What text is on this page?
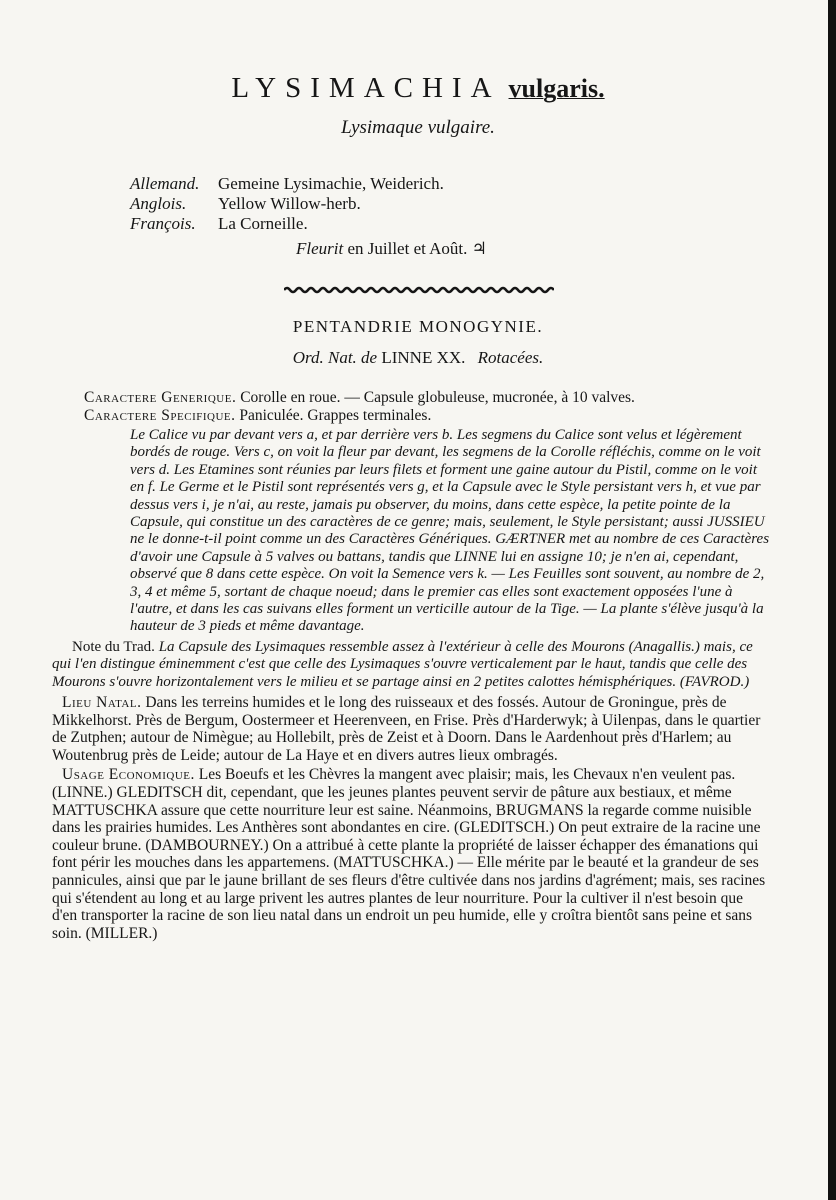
LYSIMACHIA vulgaris.
Lysimaque vulgaire.
Allemand. Gemeine Lysimachie, Weiderich.
Anglois. Yellow Willow-herb.
François. La Corneille.
Fleurit en Juillet et Août. ♃
PENTANDRIE MONOGYNIE.
Ord. Nat. de LINNE XX. Rotacées.

Caractere Generique. Corolle en roue. — Capsule globuleuse, mucronée, à 10 valves.

Caractere Specifique. Paniculée. Grappes terminales.

Le Calice vu par devant vers a, et par derrière vers b. Les segmens du Calice sont velus et légèrement bordés de rouge. Vers c, on voit la fleur par devant, les segmens de la Corolle réfléchis, comme on le voit vers d. Les Etamines sont réunies par leurs filets et forment une gaine autour du Pistil, comme on le voit en f. Le Germe et le Pistil sont représentés vers g, et la Capsule avec le Style persistant vers h, et vue par dessus vers i, je n'ai, au reste, jamais pu observer, du moins, dans cette espèce, la petite pointe de la Capsule, qui constitue un des caractères de ce genre; mais, seulement, le Style persistant; aussi JUSSIEU ne le donne-t-il point comme un des Caractères Génériques. GÆRTNER met au nombre de ces Caractères d'avoir une Capsule à 5 valves ou battans, tandis que LINNE lui en assigne 10; je n'en ai, cependant, observé que 8 dans cette espèce. On voit la Semence vers k. — Les Feuilles sont souvent, au nombre de 2, 3, 4 et même 5, sortant de chaque noeud; dans le premier cas elles sont exactement opposées l'une à l'autre, et dans les cas suivans elles forment un verticille autour de la Tige. — La plante s'élève jusqu'à la hauteur de 3 pieds et même davantage.

Note du Trad. La Capsule des Lysimaques ressemble assez à l'extérieur à celle des Mourons (Anagallis.) mais, ce qui l'en distingue éminemment c'est que celle des Lysimaques s'ouvre verticalement par le haut, tandis que celle des Mourons s'ouvre horizontalement vers le milieu et se partage ainsi en 2 petites calottes hémisphériques. (FAVROD.)

Lieu Natal. Dans les terreins humides et le long des ruisseaux et des fossés. Autour de Groningue, près de Mikkelhorst. Près de Bergum, Oostermeer et Heerenveen, en Frise. Près d'Harderwyk; à Uilenpas, dans le quartier de Zutphen; autour de Nimègue; au Hollebilt, près de Zeist et à Doorn. Dans le Aardenhout près d'Harlem; au Woutenbrug près de Leide; autour de La Haye et en divers autres lieux ombragés.

Usage Economique. Les Boeufs et les Chèvres la mangent avec plaisir; mais, les Chevaux n'en veulent pas. (LINNE.) GLEDITSCH dit, cependant, que les jeunes plantes peuvent servir de pâture aux bestiaux, et même MATTUSCHKA assure que cette nourriture leur est saine. Néanmoins, BRUGMANS la regarde comme nuisible dans les prairies humides. Les Anthères sont abondantes en cire. (GLEDITSCH.) On peut extraire de la racine une couleur brune. (DAMBOURNEY.) On a attribué à cette plante la propriété de laisser échapper des émanations qui font périr les mouches dans les appartemens. (MATTUSCHKA.) — Elle mérite par le beauté et la grandeur de ses pannicules, ainsi que par le jaune brillant de ses fleurs d'être cultivée dans nos jardins d'agrément; mais, ses racines qui s'étendent au long et au large privent les autres plantes de leur nourriture. Pour la cultiver il n'est besoin que d'en transporter la racine de son lieu natal dans un endroit un peu humide, elle y croîtra bientôt sans peine et sans soin. (MILLER.)
